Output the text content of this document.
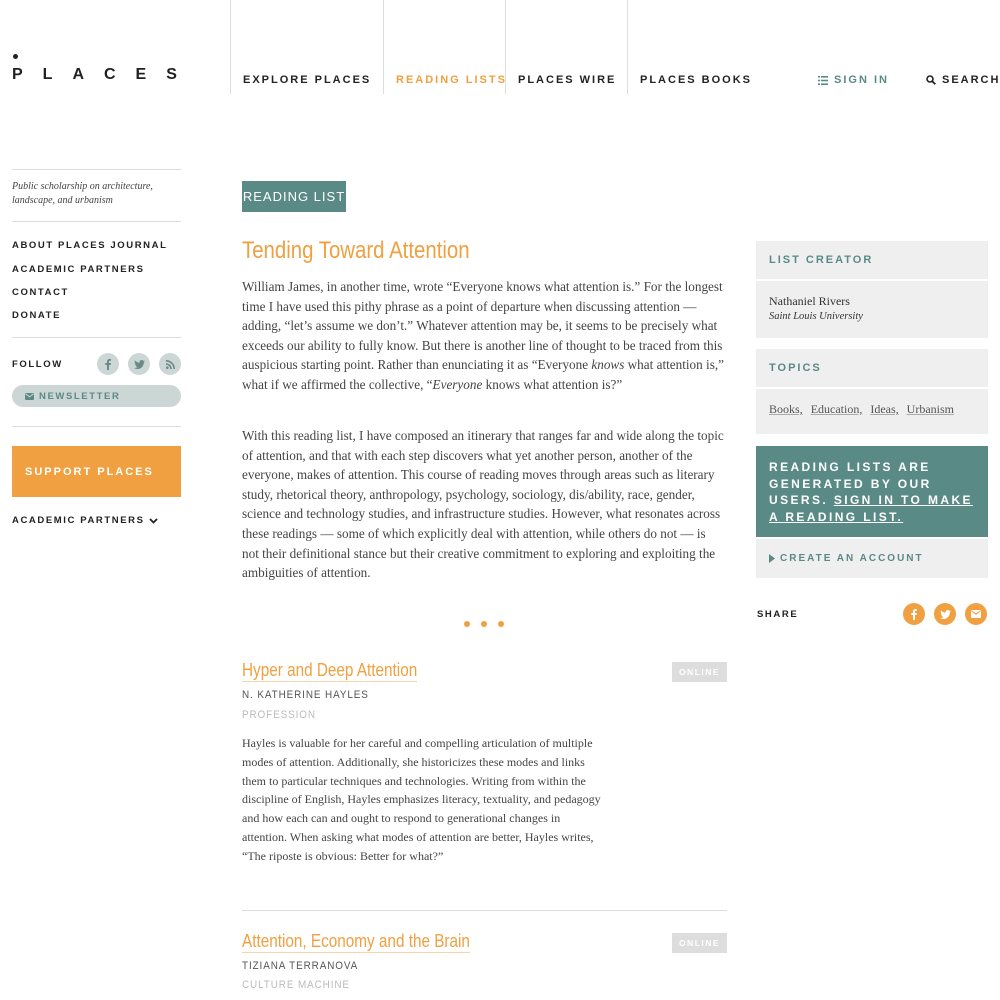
PLACES	EXPLORE PLACES	READING LISTS	PLACES WIRE	PLACES BOOKS	SIGN IN	SEARCH
Public scholarship on architecture, landscape, and urbanism
ABOUT PLACES JOURNAL
ACADEMIC PARTNERS
CONTACT
DONATE
FOLLOW
NEWSLETTER
SUPPORT PLACES
ACADEMIC PARTNERS
READING LIST
Tending Toward Attention
William James, in another time, wrote “Everyone knows what attention is.” For the longest time I have used this pithy phrase as a point of departure when discussing attention — adding, “let’s assume we don’t.” Whatever attention may be, it seems to be precisely what exceeds our ability to fully know. But there is another line of thought to be traced from this auspicious starting point. Rather than enunciating it as “Everyone knows what attention is,” what if we affirmed the collective, “Everyone knows what attention is?”
With this reading list, I have composed an itinerary that ranges far and wide along the topic of attention, and that with each step discovers what yet another person, another of the everyone, makes of attention. This course of reading moves through areas such as literary study, rhetorical theory, anthropology, psychology, sociology, dis/ability, race, gender, science and technology studies, and infrastructure studies. However, what resonates across these readings — some of which explicitly deal with attention, while others do not — is not their definitional stance but their creative commitment to exploring and exploiting the ambiguities of attention.
Hyper and Deep Attention	ONLINE
N. KATHERINE HAYLES
PROFESSION
Hayles is valuable for her careful and compelling articulation of multiple modes of attention. Additionally, she historicizes these modes and links them to particular techniques and technologies. Writing from within the discipline of English, Hayles emphasizes literacy, textuality, and pedagogy and how each can and ought to respond to generational changes in attention. When asking what modes of attention are better, Hayles writes, “The riposte is obvious: Better for what?”
Attention, Economy and the Brain	ONLINE
TIZIANA TERRANOVA
CULTURE MACHINE
LIST CREATOR
Nathaniel Rivers
Saint Louis University
TOPICS
Books, Education, Ideas, Urbanism
READING LISTS ARE GENERATED BY OUR USERS. SIGN IN TO MAKE A READING LIST.
CREATE AN ACCOUNT
SHARE
